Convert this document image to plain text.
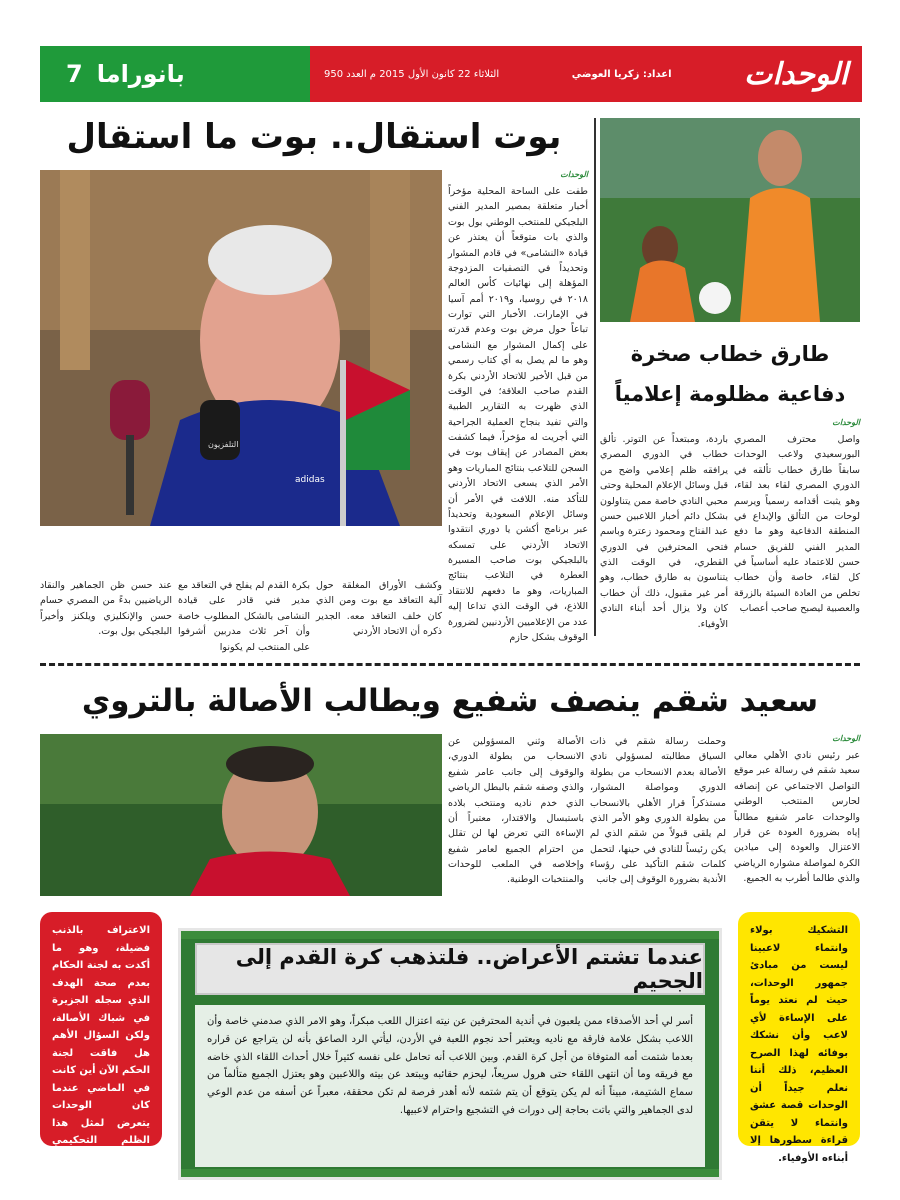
بانوراما
7	الوحدات
اعداد: زكريا العوضي
الثلاثاء 22 كانون الأول 2015 م العدد 950
بوت استقال.. بوت ما استقال
التلفزيون
adidas
الوحدات
طفت على الساحة المحلية مؤخراً أخبار متعلقة بمصير المدير الفني البلجيكي للمنتخب الوطني بول بوت والذي بات متوقعاً أن يعتذر عن قيادة «النشامى» في قادم المشوار وتحديداً في التصفيات المزدوجة المؤهلة إلى نهائيات كأس العالم ٢٠١٨ في روسيا، و٢٠١٩ أمم آسيا في الإمارات. الأخبار التي توارت تباعاً حول مرض بوت وعدم قدرته على إكمال المشوار مع النشامى وهو ما لم يصل به أي كتاب رسمي من قبل الأخير للاتحاد الأردني بكرة القدم صاحب العلاقة؛ في الوقت الذي ظهرت به التقارير الطبية والتي تفيد بنجاح العملية الجراحية التي أجريت له مؤخراً، فيما كشفت بعض المصادر عن إيقاف بوت في السجن للتلاعب بنتائج المباريات وهو الأمر الذي يسعى الاتحاد الأردني للتأكد منه. اللافت في الأمر أن وسائل الإعلام السعودية وتحديداً عبر برنامج أكشن يا دوري انتقدوا الاتحاد الأردني على تمسكه بالبلجيكي بوت صاحب المسيرة العطرة في التلاعب بنتائج المباريات، وهو ما دفعهم للانتقاد اللاذع، في الوقت الذي تداعا إليه عدد من الإعلاميين الأردنيين لضرورة الوقوف بشكل حازم
وكشف الأوراق المغلقة حول آلية التعاقد مع بوت ومن الذي كان خلف التعاقد معه. الجدير ذكره أن الاتحاد الأردني
بكرة القدم لم يفلح في التعاقد مع مدير فني قادر على قيادة النشامى بالشكل المطلوب خاصة وأن آخر ثلاث مدربين أشرفوا على المنتخب لم يكونوا
عند حسن ظن الجماهير والنقاد الرياضيين بدءً من المصري حسام حسن والإنكليزي ويلكنز وأخيراً البلجيكي بول بوت.
طارق خطاب صخرة
دفاعية مظلومة إعلامياً
الوحدات
واصل محترف المصري البورسعيدي ولاعب الوحدات سابقاً طارق خطاب تألقه في الدوري المصري لقاء بعد لقاء، وهو يثبت أقدامه رسمياً ويرسم لوحات من التألق والإبداع في المنطقة الدفاعية وهو ما دفع المدير الفني للفريق حسام حسن للاعتماد عليه أساسياً في كل لقاء، خاصة وأن خطاب تخلص من العادة السيئة بالزرقة والعصبية ليصبح صاحب أعصاب
باردة، ومبتعداً عن التوتر. تألق خطاب في الدوري المصري يرافقه ظلم إعلامي واضح من قبل وسائل الإعلام المحلية وحتى محبي النادي خاصة ممن يتناولون بشكل دائم أخبار اللاعبين حسن عبد الفتاح ومحمود زعترة وباسم فتحي المحترفين في الدوري القطري، في الوقت الذي يتناسون به طارق خطاب، وهو أمر غير مقبول، ذلك أن خطاب كان ولا يزال أحد أبناء النادي الأوفياء.
سعيد شقم ينصف شفيع ويطالب الأصالة بالتروي
الوحدات
عبر رئيس نادي الأهلي معالي سعيد شقم في رسالة عبر موقع التواصل الاجتماعي عن إنصافه لحارس المنتخب الوطني والوحدات عامر شفيع مطالباً إياه بضرورة العودة عن قرار الاعتزال والعودة إلى ميادين الكرة لمواصلة مشواره الرياضي والذي طالما أطرب به الجميع.
وحملت رسالة شقم في ذات السياق مطالبته لمسؤولي نادي الأصالة بعدم الانسحاب من بطولة الدوري ومواصلة المشوار، مستذكراً قرار الأهلي بالانسحاب من بطولة الدوري وهو الأمر الذي لم يلقى قبولاً من شقم الذي لم يكن رئيساً للنادي في حينها، لتحمل كلمات شقم التأكيد على رؤساء الأندية بضرورة الوقوف إلى جانب
الأصالة وثني المسؤولين عن الانسحاب من بطولة الدوري، والوقوف إلى جانب عامر شفيع والذي وصفه شقم بالبطل الرياضي الذي خدم ناديه ومنتخب بلاده باستبسال والاقتدار، معتبراً أن الإساءة التي تعرض لها لن تقلل من احترام الجميع لعامر شفيع وإخلاصه في الملعب للوحدات والمنتخبات الوطنية.
الاعتراف بالذنب فضيلة، وهو ما أكدت به لجنة الحكام بعدم صحة الهدف الذي سجله الجزيرة في شباك الأصالة، ولكن السؤال الأهم هل فاقت لجنة الحكم الآن أين كانت في الماضي عندما كان الوحدات يتعرض لمثل هذا الظلم التحكيمي الفادح.
التشكيك بولاء وانتماء لاعبينا ليست من مبادئ جمهور الوحدات، حيث لم نعتد يوماً على الإساءة لأي لاعب وأن نشكك بوفائه لهذا الصرح العظيم، ذلك أننا نعلم جيداً أن الوحدات قصة عشق وانتماء لا يتقن قراءة سطورها إلا أبناءه الأوفياء.
عندما تشتم الأعراض.. فلتذهب كرة القدم إلى الجحيم
أسر لي أحد الأصدقاء ممن يلعبون في أندية المحترفين عن نيته اعتزال اللعب مبكراً، وهو الامر الذي صدمني خاصة وأن اللاعب بشكل علامة فارقة مع ناديه ويعتبر أحد نجوم اللعبة في الأردن، ليأتي الرد الصاعق بأنه لن يتراجع عن قراره بعدما شتمت أمه المتوفاة من أجل كرة القدم. وبين اللاعب أنه تحامل على نفسه كثيراً خلال أحداث اللقاء الذي خاضه مع فريقه وما أن انتهى اللقاء حتى هرول سريعاً، ليحزم حقائبه ويبتعد عن بيته واللاعبين وهو يعتزل الجميع متألماً من سماع الشتيمة، مبيناً أنه لم يكن يتوقع أن يتم شتمه لأنه أهدر فرصة لم تكن محققة، معبراً عن أسفه من عدم الوعي لدى الجماهير والتي باتت بحاجة إلى دورات في التشجيع واحترام لاعبيها.
